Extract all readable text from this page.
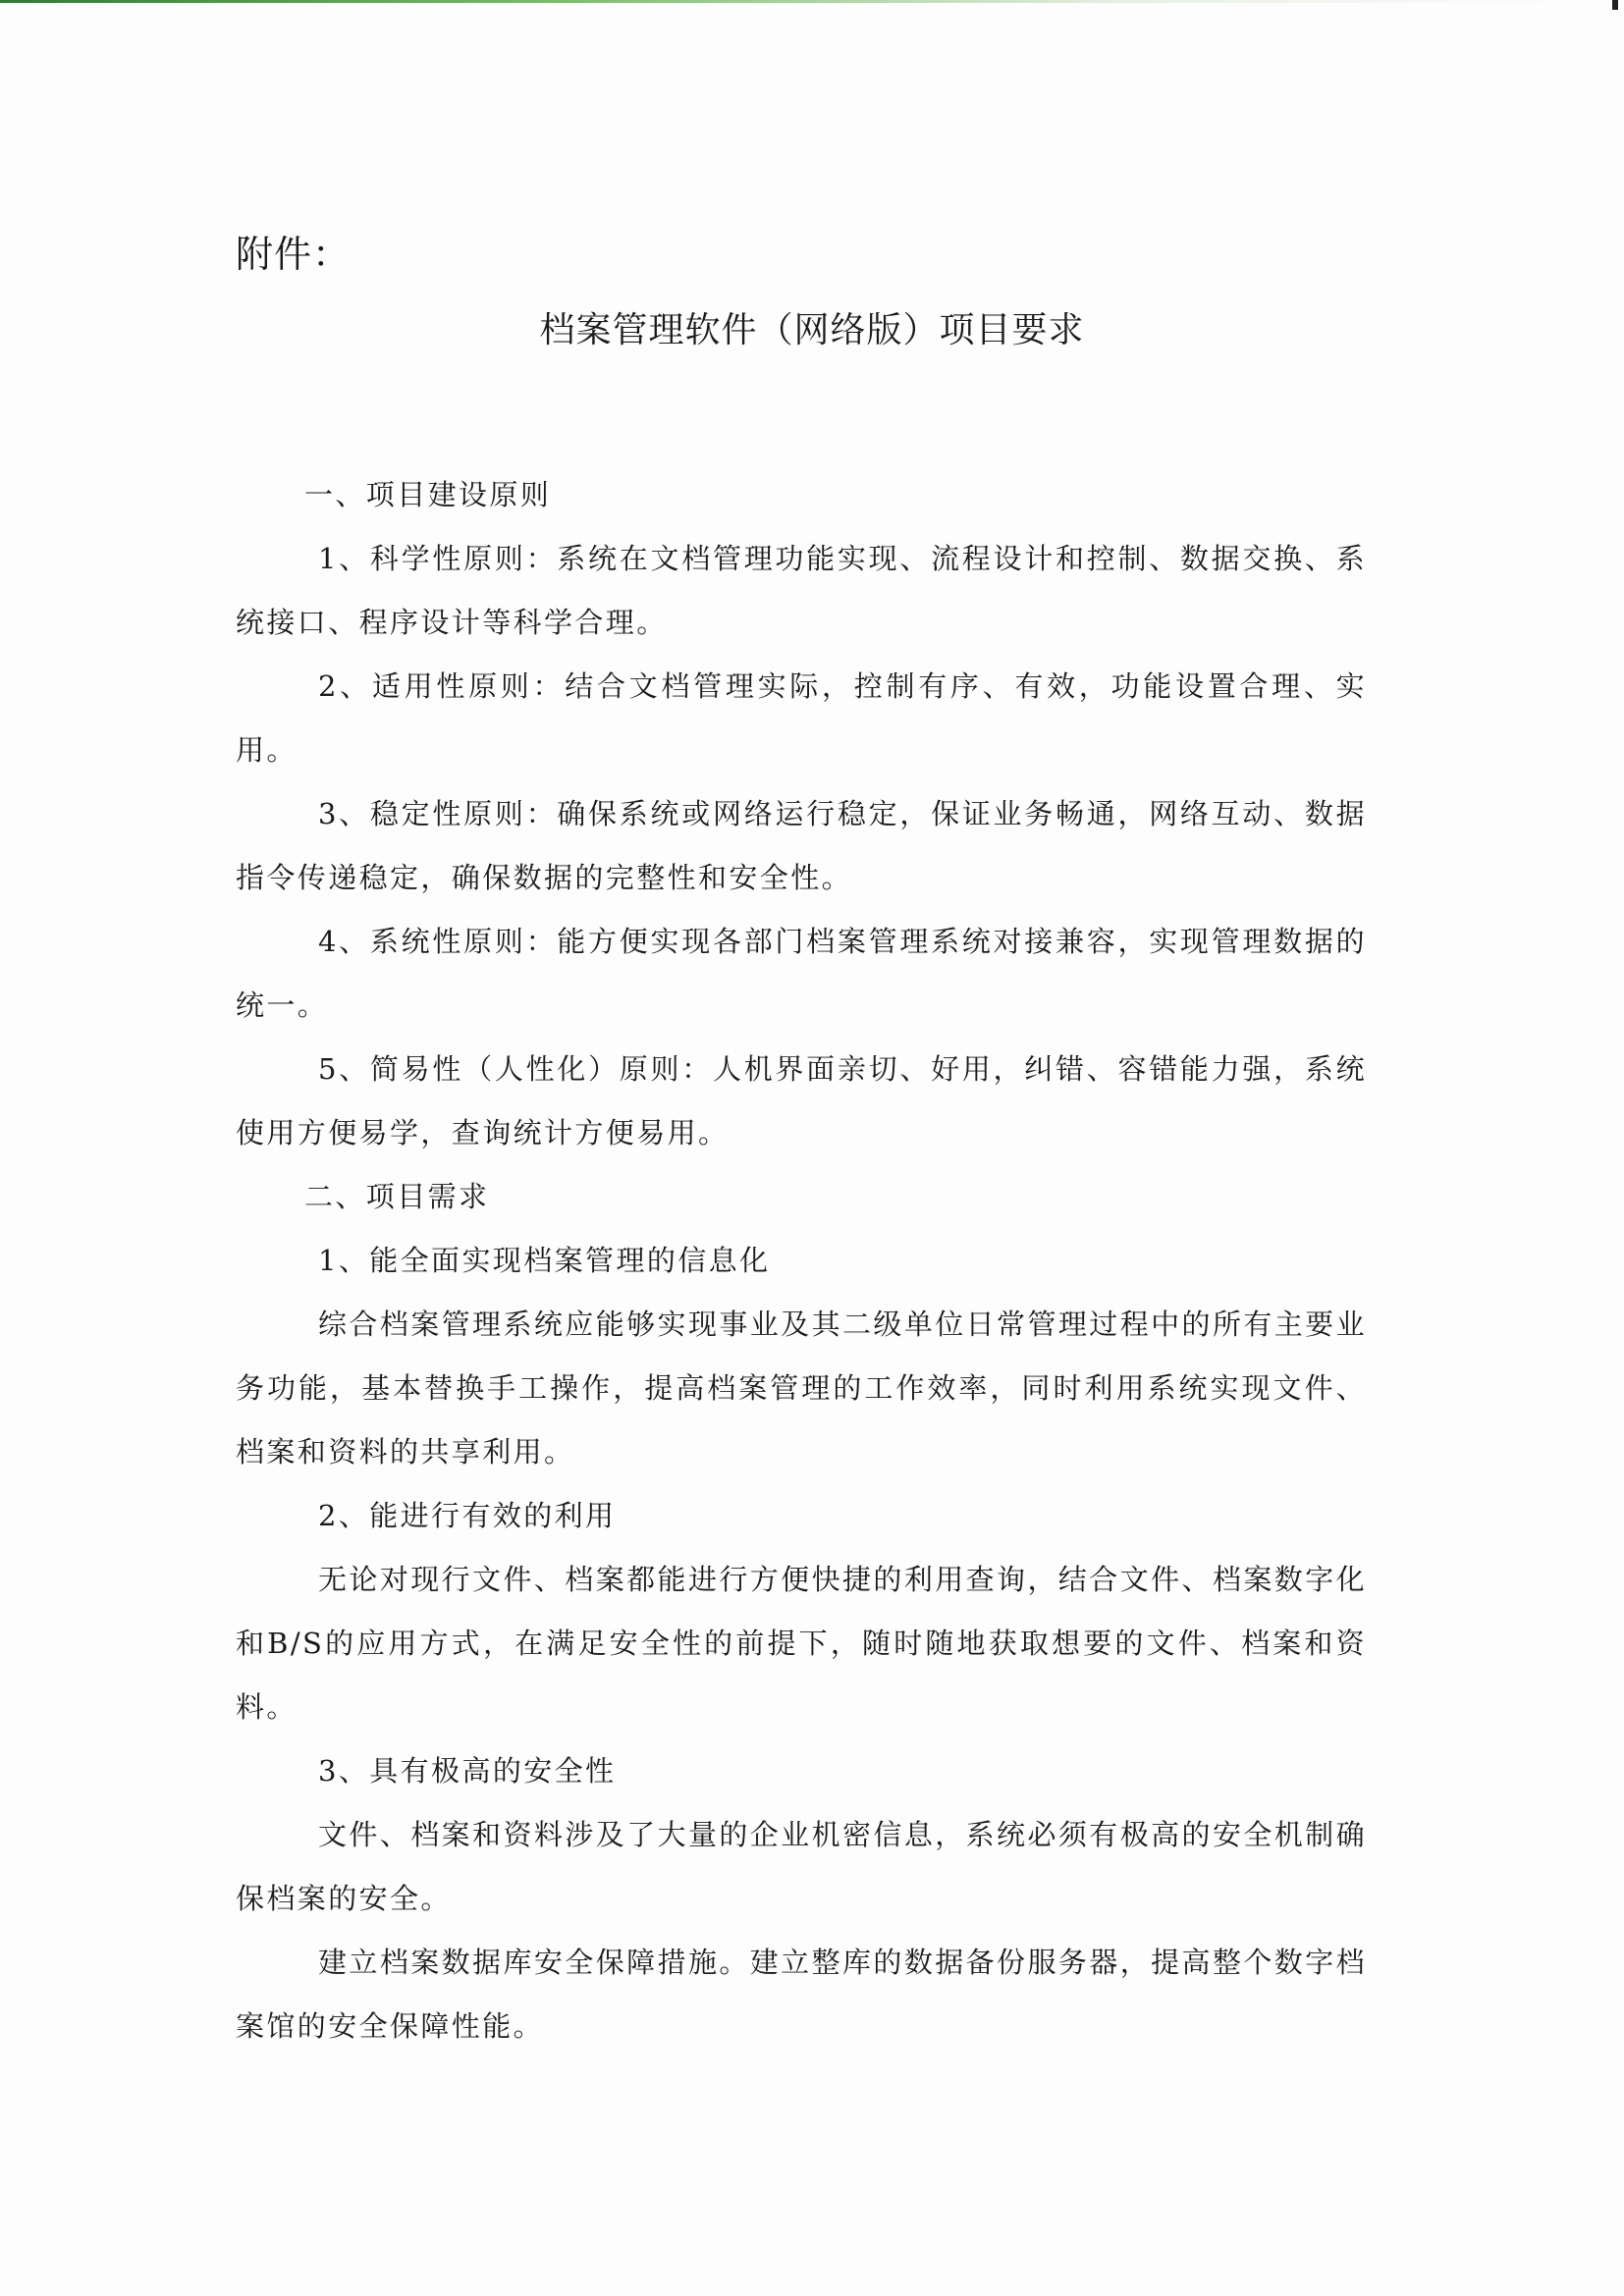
附件：
档案管理软件（网络版）项目要求

一、项目建设原则

1、科学性原则：系统在文档管理功能实现、流程设计和控制、数据交换、系统接口、程序设计等科学合理。

2、适用性原则：结合文档管理实际，控制有序、有效，功能设置合理、实用。

3、稳定性原则：确保系统或网络运行稳定，保证业务畅通，网络互动、数据指令传递稳定，确保数据的完整性和安全性。

4、系统性原则：能方便实现各部门档案管理系统对接兼容，实现管理数据的统一。

5、简易性（人性化）原则：人机界面亲切、好用，纠错、容错能力强，系统使用方便易学，查询统计方便易用。

二、项目需求

1、能全面实现档案管理的信息化

综合档案管理系统应能够实现事业及其二级单位日常管理过程中的所有主要业务功能，基本替换手工操作，提高档案管理的工作效率，同时利用系统实现文件、档案和资料的共享利用。

2、能进行有效的利用

无论对现行文件、档案都能进行方便快捷的利用查询，结合文件、档案数字化和B/S的应用方式，在满足安全性的前提下，随时随地获取想要的文件、档案和资料。

3、具有极高的安全性

文件、档案和资料涉及了大量的企业机密信息，系统必须有极高的安全机制确保档案的安全。

建立档案数据库安全保障措施。建立整库的数据备份服务器，提高整个数字档案馆的安全保障性能。
